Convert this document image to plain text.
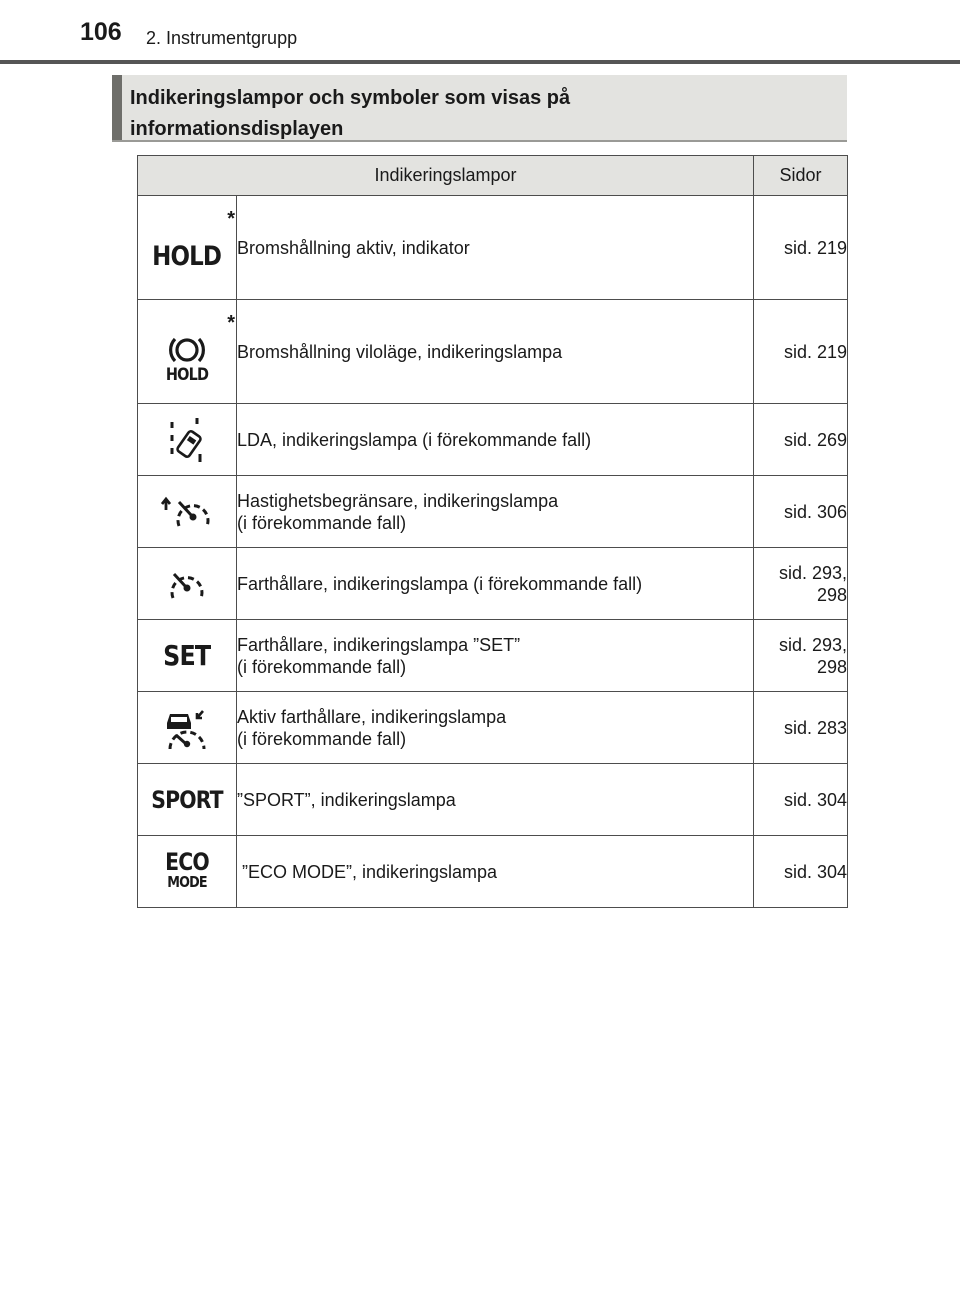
106 2. Instrumentgrupp
Indikeringslampor och symboler som visas på
informationsdisplayen
Indikeringslampor		Sidor

*
HOLD	Bromshållning aktiv, indikator	sid. 219

*
HOLD	Bromshållning viloläge, indikeringslampa	sid. 219
	LDA, indikeringslampa (i förekommande fall)	sid. 269
	Hastighetsbegränsare, indikeringslampa
(i förekommande fall)	sid. 306
	Farthållare, indikeringslampa (i förekommande fall)	sid. 293,
298
SET	Farthållare, indikeringslampa ”SET”
(i förekommande fall)	sid. 293,
298
	Aktiv farthållare, indikeringslampa
(i förekommande fall)	sid. 283
SPORT	”SPORT”, indikeringslampa	sid. 304

ECO
MODE	”ECO MODE”, indikeringslampa	sid. 304
